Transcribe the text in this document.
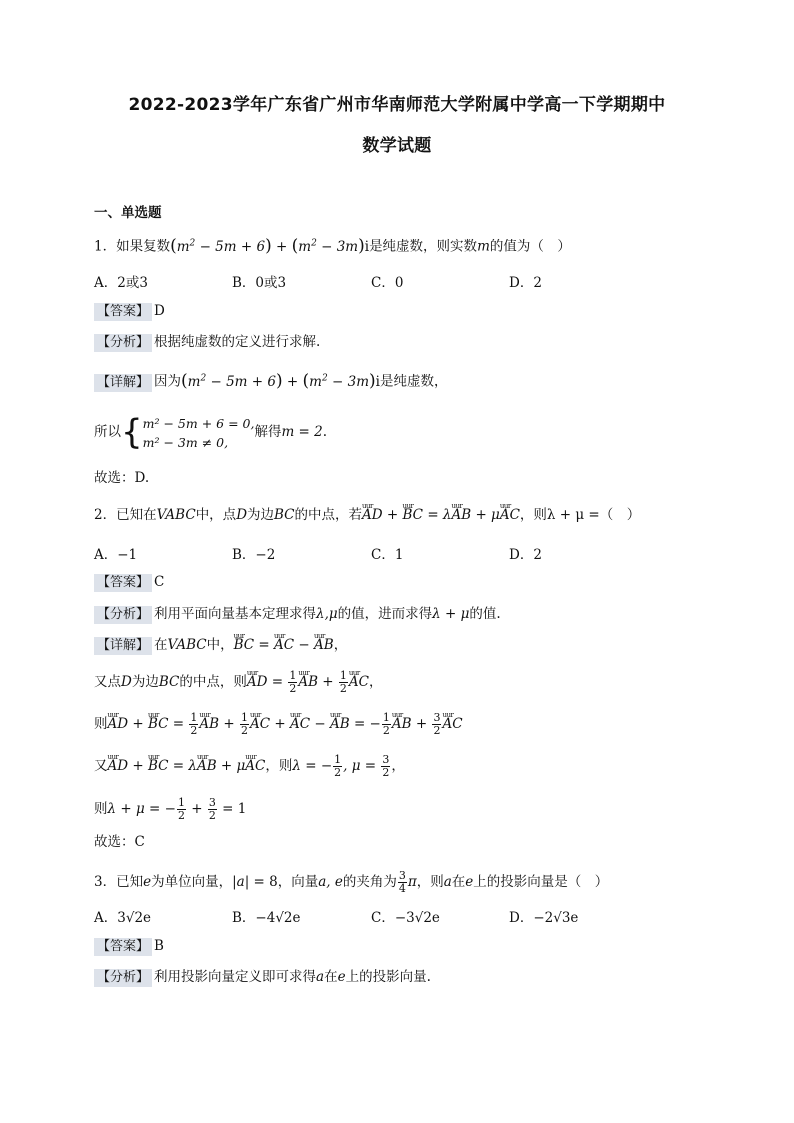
2022-2023学年广东省广州市华南师范大学附属中学高一下学期期中
数学试题
一、单选题
1．如果复数$(m^2 - 5m + 6) + (m^2 - 3m)i$是纯虚数，则实数m的值为（　）
A．2或3	B．0或3	C．0	D．2
【答案】 D
【分析】 根据纯虚数的定义进行求解.
【详解】 因为$(m^2 - 5m + 6) + (m^2 - 3m)i$是纯虚数，
所以{m² − 5m + 6 = 0,
m² − 3m ≠ 0,解得m = 2.
故选：D.
2．已知在VABC中，点D为边BC的中点，若uur AD + uur BC = λuur AB + μuur AC，则λ + μ =（　）
A．−1	B．−2	C．1	D．2
【答案】 C
【分析】 利用平面向量基本定理求得λ,μ的值，进而求得λ + μ的值.
【详解】 在VABC中，uur BC = uur AC − uur AB，
又点D为边BC的中点，则uur AD = $\frac{1}{2}$ uur AB + $\frac{1}{2}$ uur AC，
则uur AD + uur BC = $\frac{1}{2}$ uur AB + $\frac{1}{2}$ uur AC + uur AC − uur AB = − $\frac{1}{2}$ uur AB + $\frac{3}{2}$ uur AC
又uur AD + uur BC = λuur AB + μuur AC，则λ = − $\frac{1}{2}$ , $\mu = \frac{3}{2}$ ，
则λ + μ = − $\frac{1}{2} + \frac{3}{2} = 1$
故选：C
3．已知e为单位向量，|a| = 8，向量a, e的夹角为 $\frac{3}{4}$ π，则a在e上的投影向量是（　）
A．3√2e	B．−4√2e	C．−3√2e	D．−2√3e
【答案】 B
【分析】 利用投影向量定义即可求得a在e上的投影向量.
